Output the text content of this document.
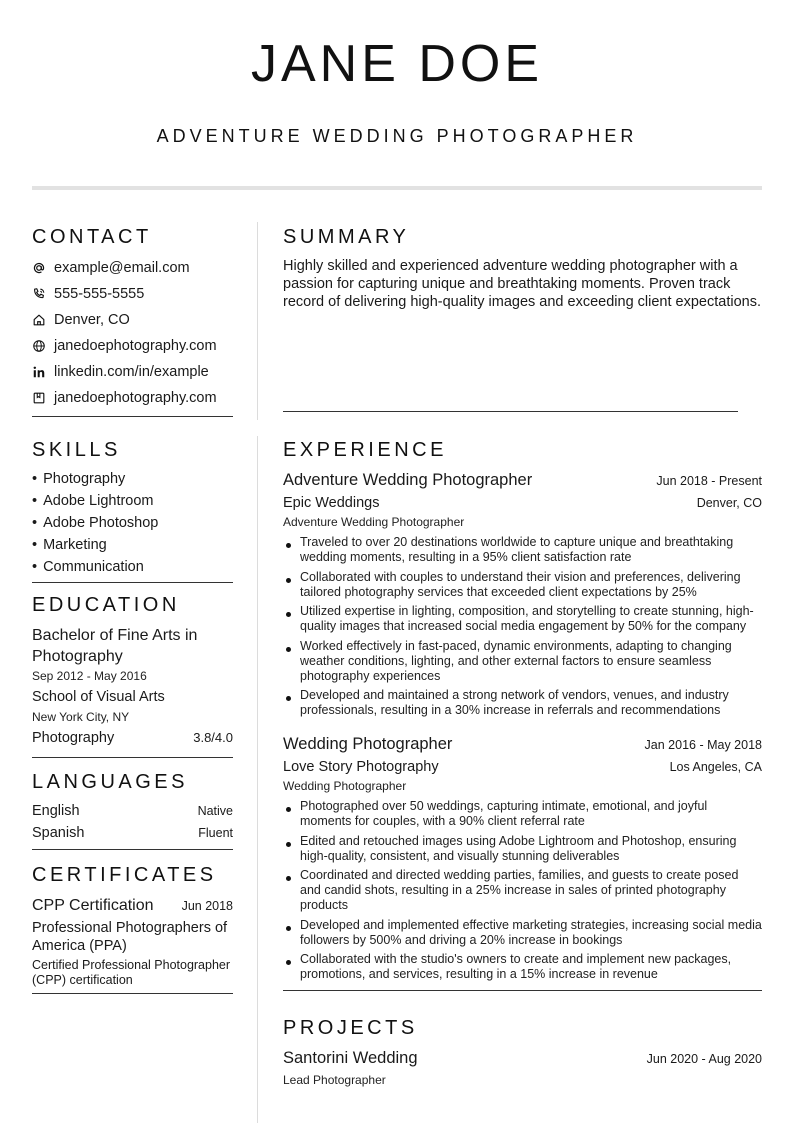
JANE DOE
ADVENTURE WEDDING PHOTOGRAPHER
CONTACT
example@email.com
555-555-5555
Denver, CO
janedoephotography.com
linkedin.com/in/example
janedoephotography.com
SKILLS
• Photography
• Adobe Lightroom
• Adobe Photoshop
• Marketing
• Communication
EDUCATION
Bachelor of Fine Arts in Photography
Sep 2012 - May 2016
School of Visual Arts
New York City, NY
Photography	3.8/4.0
LANGUAGES
English	Native
Spanish	Fluent
CERTIFICATES
CPP Certification Jun 2018
Professional Photographers of America (PPA)
Certified Professional Photographer (CPP) certification
SUMMARY
Highly skilled and experienced adventure wedding photographer with a passion for capturing unique and breathtaking moments. Proven track record of delivering high-quality images and exceeding client expectations.
EXPERIENCE
Adventure Wedding Photographer	Jun 2018 - Present
Epic Weddings	Denver, CO
Adventure Wedding Photographer
Traveled to over 20 destinations worldwide to capture unique and breathtaking wedding moments, resulting in a 95% client satisfaction rate
Collaborated with couples to understand their vision and preferences, delivering tailored photography services that exceeded client expectations by 25%
Utilized expertise in lighting, composition, and storytelling to create stunning, high-quality images that increased social media engagement by 50% for the company
Worked effectively in fast-paced, dynamic environments, adapting to changing weather conditions, lighting, and other external factors to ensure seamless photography experiences
Developed and maintained a strong network of vendors, venues, and industry professionals, resulting in a 30% increase in referrals and recommendations
Wedding Photographer	Jan 2016 - May 2018
Love Story Photography	Los Angeles, CA
Wedding Photographer
Photographed over 50 weddings, capturing intimate, emotional, and joyful moments for couples, with a 90% client referral rate
Edited and retouched images using Adobe Lightroom and Photoshop, ensuring high-quality, consistent, and visually stunning deliverables
Coordinated and directed wedding parties, families, and guests to create posed and candid shots, resulting in a 25% increase in sales of printed photography products
Developed and implemented effective marketing strategies, increasing social media followers by 500% and driving a 20% increase in bookings
Collaborated with the studio's owners to create and implement new packages, promotions, and services, resulting in a 15% increase in revenue
PROJECTS
Santorini Wedding	Jun 2020 - Aug 2020
Lead Photographer
